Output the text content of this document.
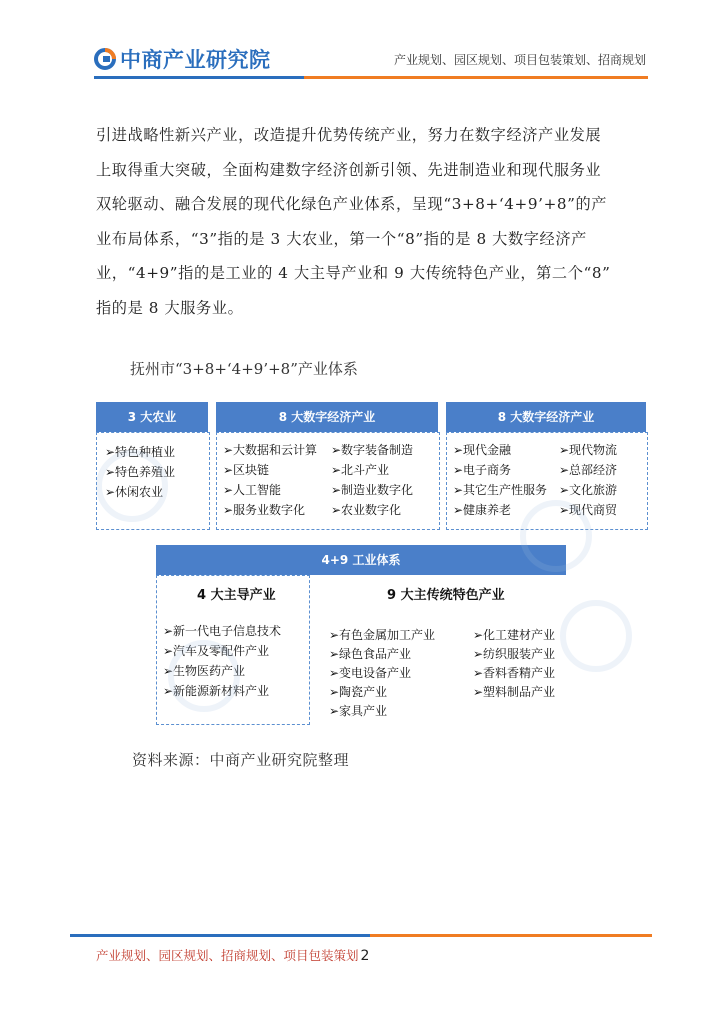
中商产业研究院	产业规划、园区规划、项目包装策划、招商规划
引进战略性新兴产业，改造提升优势传统产业，努力在数字经济产业发展
上取得重大突破，全面构建数字经济创新引领、先进制造业和现代服务业
双轮驱动、融合发展的现代化绿色产业体系，呈现“3+8+‘4+9’+8”的产
业布局体系，“3”指的是 3 大农业，第一个“8”指的是 8 大数字经济产
业，“4+9”指的是工业的 4 大主导产业和 9 大传统特色产业，第二个“8”
指的是 8 大服务业。
抚州市“3+8+‘4+9’+8”产业体系
3 大农业
➢特色种植业
➢特色养殖业
➢休闲农业
8 大数字经济产业
➢大数据和云计算 ➢数字装备制造
➢区块链	➢北斗产业
➢人工智能	➢制造业数字化
➢服务业数字化 ➢农业数字化
8 大数字经济产业
➢现代金融	➢现代物流
➢电子商务	➢总部经济
➢其它生产性服务 ➢文化旅游
➢健康养老	➢现代商贸
4+9 工业体系
4 大主导产业
➢新一代电子信息技术
➢汽车及零配件产业
➢生物医药产业
➢新能源新材料产业
9 大主传统特色产业
➢有色金属加工产业	➢化工建材产业
➢绿色食品产业	➢纺织服装产业
➢变电设备产业	➢香料香精产业
➢陶瓷产业	➢塑料制品产业
➢家具产业
资料来源：中商产业研究院整理
产业规划、园区规划、招商规划、项目包装策划 2
